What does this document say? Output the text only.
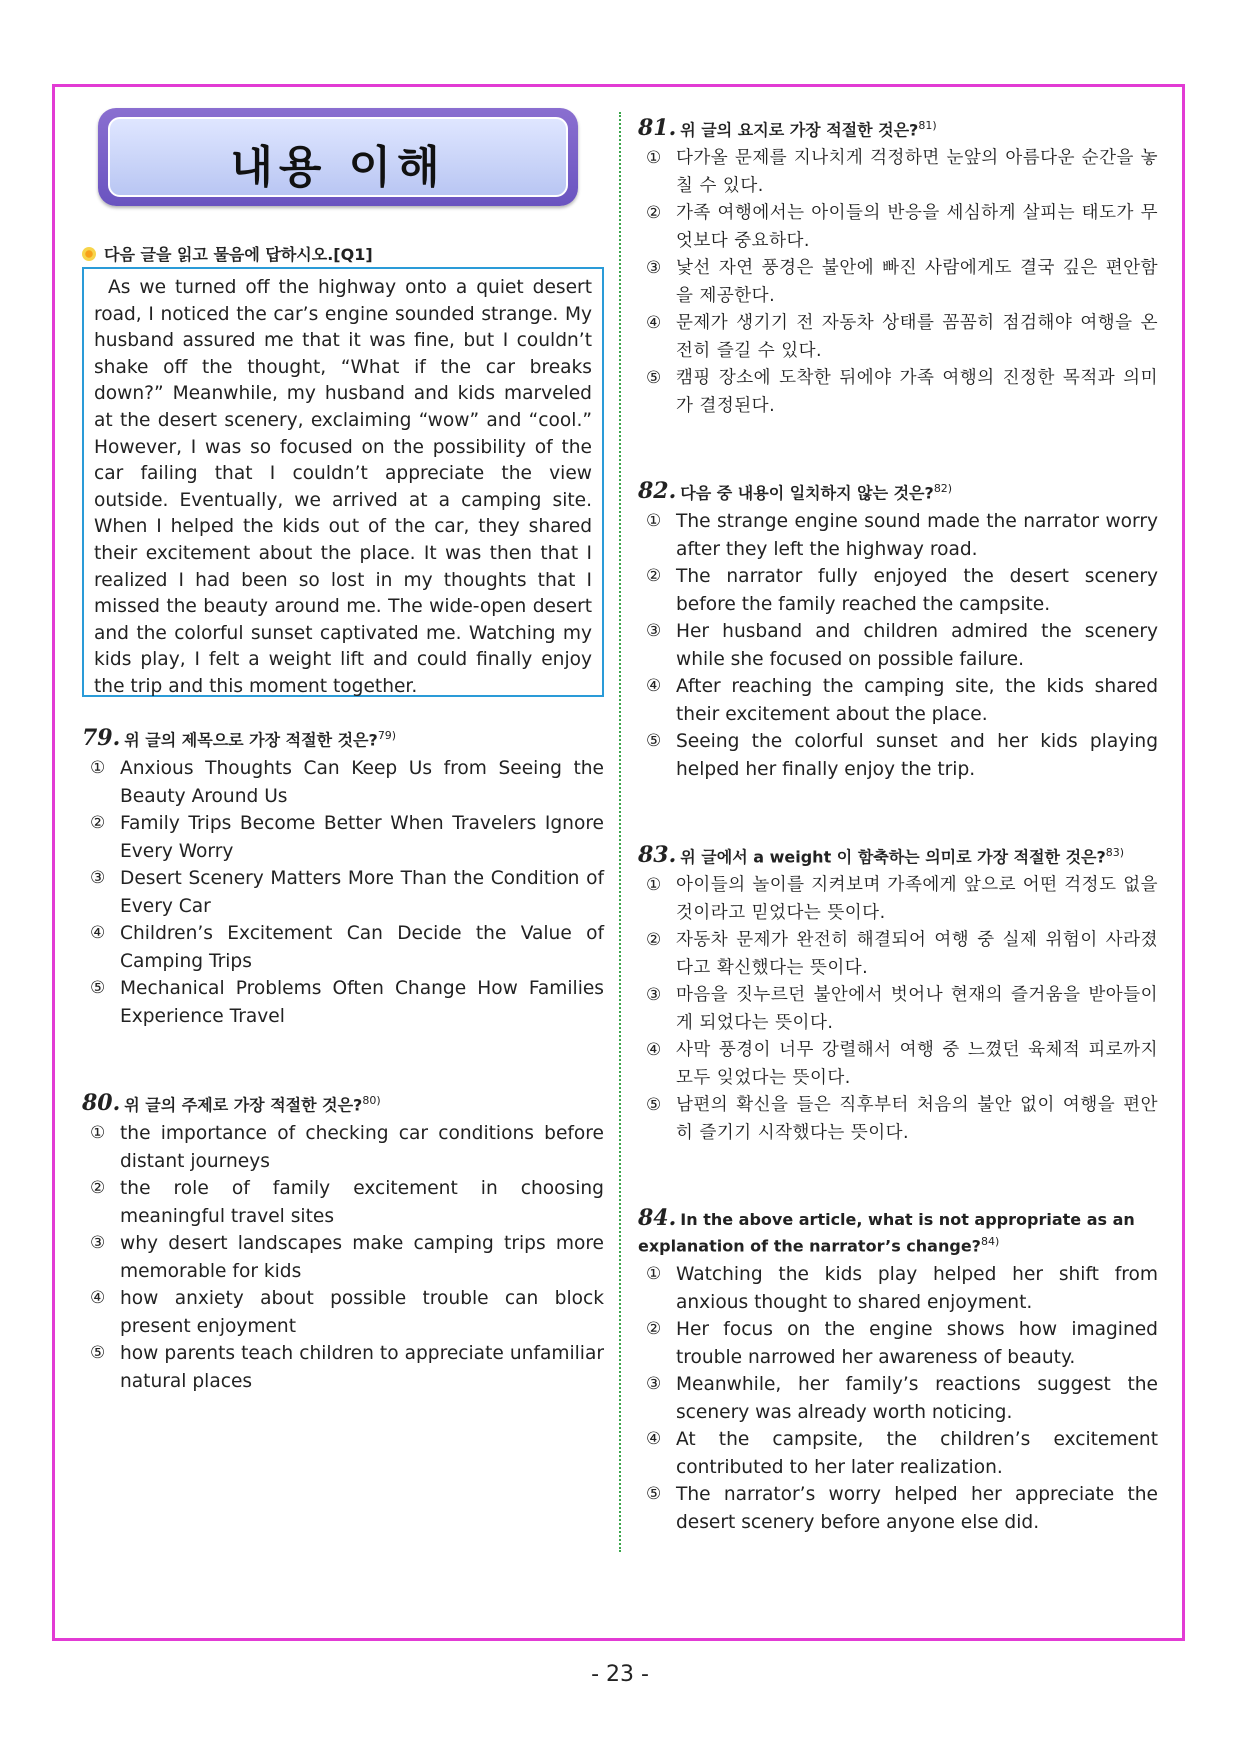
내용 이해
다음 글을 읽고 물음에 답하시오.[Q1]

As we turned off the highway onto a quiet desert road, I noticed the car’s engine sounded strange. My husband assured me that it was fine, but I couldn’t shake off the thought, “What if the car breaks down?” Meanwhile, my husband and kids marveled at the desert scenery, exclaiming “wow” and “cool.” However, I was so focused on the possibility of the car failing that I couldn’t appreciate the view outside. Eventually, we arrived at a camping site. When I helped the kids out of the car, they shared their excitement about the place. It was then that I realized I had been so lost in my thoughts that I missed the beauty around me. The wide-open desert and the colorful sunset captivated me. Watching my kids play, I felt a weight lift and could finally enjoy the trip and this moment together.

79. 위 글의 제목으로 가장 적절한 것은?$^{79)}$
① Anxious Thoughts Can Keep Us from Seeing the Beauty Around Us
② Family Trips Become Better When Travelers Ignore Every Worry
③ Desert Scenery Matters More Than the Condition of Every Car
④ Children’s Excitement Can Decide the Value of Camping Trips
⑤ Mechanical Problems Often Change How Families Experience Travel
80. 위 글의 주제로 가장 적절한 것은?$^{80)}$
① the importance of checking car conditions before distant journeys
② the role of family excitement in choosing meaningful travel sites
③ why desert landscapes make camping trips more memorable for kids
④ how anxiety about possible trouble can block present enjoyment
⑤ how parents teach children to appreciate unfamiliar natural places
81. 위 글의 요지로 가장 적절한 것은?$^{81)}$
① 다가올 문제를 지나치게 걱정하면 눈앞의 아름다운 순간을 놓칠 수 있다.
② 가족 여행에서는 아이들의 반응을 세심하게 살피는 태도가 무엇보다 중요하다.
③ 낯선 자연 풍경은 불안에 빠진 사람에게도 결국 깊은 편안함을 제공한다.
④ 문제가 생기기 전 자동차 상태를 꼼꼼히 점검해야 여행을 온전히 즐길 수 있다.
⑤ 캠핑 장소에 도착한 뒤에야 가족 여행의 진정한 목적과 의미가 결정된다.
82. 다음 중 내용이 일치하지 않는 것은?$^{82)}$
① The strange engine sound made the narrator worry after they left the highway road.
② The narrator fully enjoyed the desert scenery before the family reached the campsite.
③ Her husband and children admired the scenery while she focused on possible failure.
④ After reaching the camping site, the kids shared their excitement about the place.
⑤ Seeing the colorful sunset and her kids playing helped her finally enjoy the trip.
83. 위 글에서 a weight 이 함축하는 의미로 가장 적절한 것은?$^{83)}$
① 아이들의 놀이를 지켜보며 가족에게 앞으로 어떤 걱정도 없을 것이라고 믿었다는 뜻이다.
② 자동차 문제가 완전히 해결되어 여행 중 실제 위험이 사라졌다고 확신했다는 뜻이다.
③ 마음을 짓누르던 불안에서 벗어나 현재의 즐거움을 받아들이게 되었다는 뜻이다.
④ 사막 풍경이 너무 강렬해서 여행 중 느꼈던 육체적 피로까지 모두 잊었다는 뜻이다.
⑤ 남편의 확신을 들은 직후부터 처음의 불안 없이 여행을 편안히 즐기기 시작했다는 뜻이다.
84. In the above article, what is not appropriate as an explanation of the narrator’s change?$^{84)}$
① Watching the kids play helped her shift from anxious thought to shared enjoyment.
② Her focus on the engine shows how imagined trouble narrowed her awareness of beauty.
③ Meanwhile, her family’s reactions suggest the scenery was already worth noticing.
④ At the campsite, the children’s excitement contributed to her later realization.
⑤ The narrator’s worry helped her appreciate the desert scenery before anyone else did.
- 23 -
